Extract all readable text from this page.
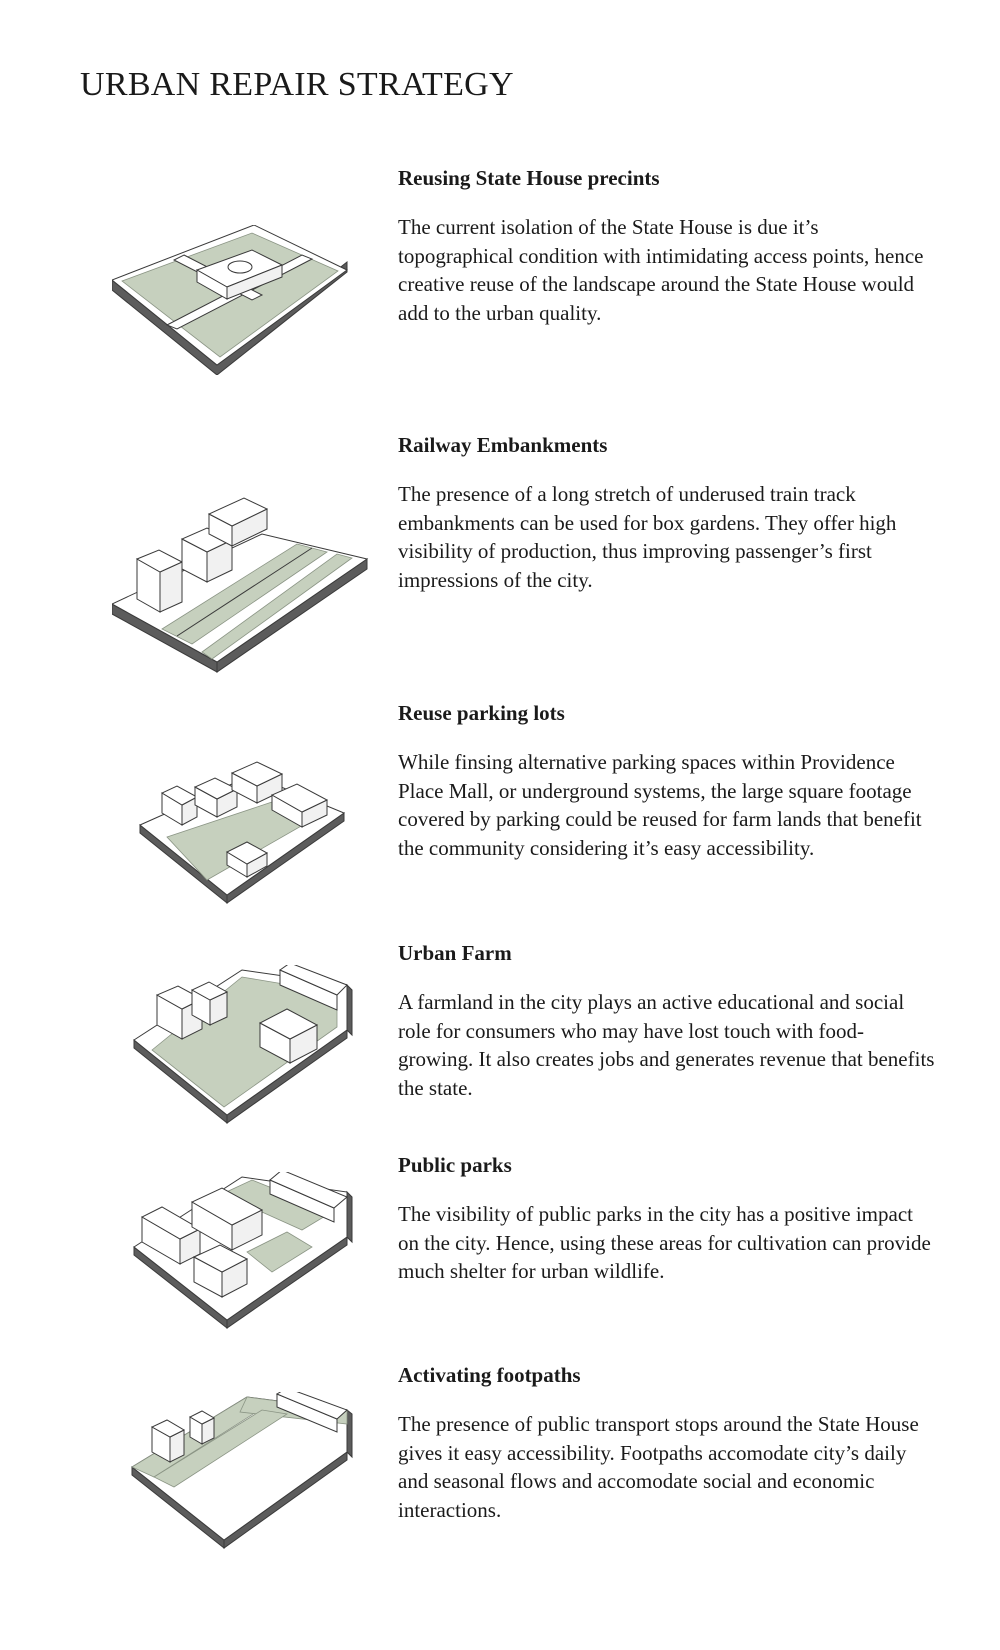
URBAN REPAIR STRATEGY

Reusing State House precints

The current isolation of the State House is due it’s topographical condition with intimidating access points, hence creative reuse of the landscape around the State House would add to the urban quality.

Railway Embankments

The presence of a long stretch of underused train track embankments can be used for box gardens. They offer high visibility of production, thus improving passenger’s first impressions of the city.

Reuse parking lots

While finsing alternative parking spaces within Providence Place Mall, or underground systems, the large square footage covered by parking could be reused for farm lands that benefit the community considering it’s easy accessibility.

Urban Farm

A farmland in the city plays an active educational and social role for consumers who may have lost touch with food-growing. It also creates jobs and generates revenue that benefits the state.

Public parks

The visibility of public parks in the city has a positive impact on the city. Hence, using these areas for cultivation can provide much shelter for urban wildlife.

Activating footpaths

The presence of public transport stops around the State House gives it easy accessibility. Footpaths accomodate city’s daily and seasonal flows and accomodate social and economic interactions.
